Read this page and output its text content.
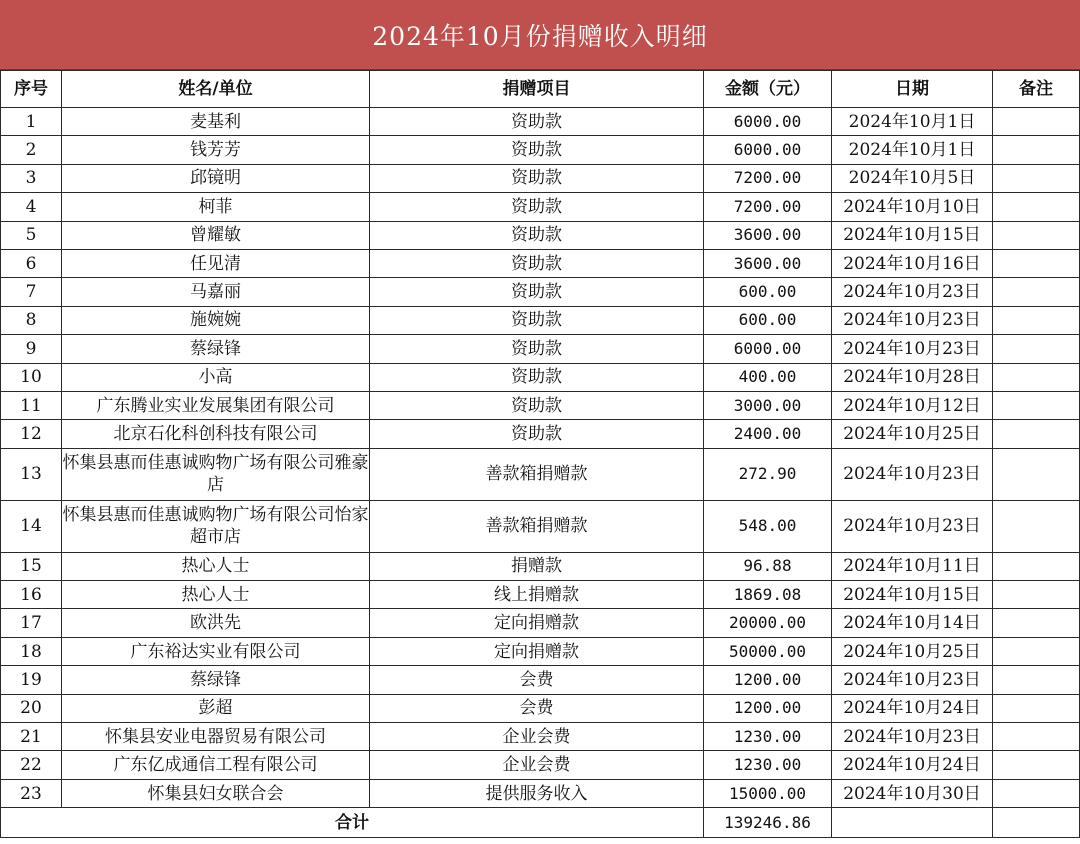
2024年10月份捐赠收入明细
序号	姓名/单位	捐赠项目	金额（元）	日期	备注
1	麦基利	资助款	6000.00	2024年10月1日	
2	钱芳芳	资助款	6000.00	2024年10月1日	
3	邱镜明	资助款	7200.00	2024年10月5日	
4	柯菲	资助款	7200.00	2024年10月10日	
5	曾耀敏	资助款	3600.00	2024年10月15日	
6	任见清	资助款	3600.00	2024年10月16日	
7	马嘉丽	资助款	600.00	2024年10月23日	
8	施婉婉	资助款	600.00	2024年10月23日	
9	蔡绿锋	资助款	6000.00	2024年10月23日	
10	小高	资助款	400.00	2024年10月28日	
11	广东腾业实业发展集团有限公司	资助款	3000.00	2024年10月12日	
12	北京石化科创科技有限公司	资助款	2400.00	2024年10月25日	
13	怀集县惠而佳惠诚购物广场有限公司雅豪店	善款箱捐赠款	272.90	2024年10月23日	
14	怀集县惠而佳惠诚购物广场有限公司怡家超市店	善款箱捐赠款	548.00	2024年10月23日	
15	热心人士	捐赠款	96.88	2024年10月11日	
16	热心人士	线上捐赠款	1869.08	2024年10月15日	
17	欧洪先	定向捐赠款	20000.00	2024年10月14日	
18	广东裕达实业有限公司	定向捐赠款	50000.00	2024年10月25日	
19	蔡绿锋	会费	1200.00	2024年10月23日	
20	彭超	会费	1200.00	2024年10月24日	
21	怀集县安业电器贸易有限公司	企业会费	1230.00	2024年10月23日	
22	广东亿成通信工程有限公司	企业会费	1230.00	2024年10月24日	
23	怀集县妇女联合会	提供服务收入	15000.00	2024年10月30日	
合计			139246.86		
